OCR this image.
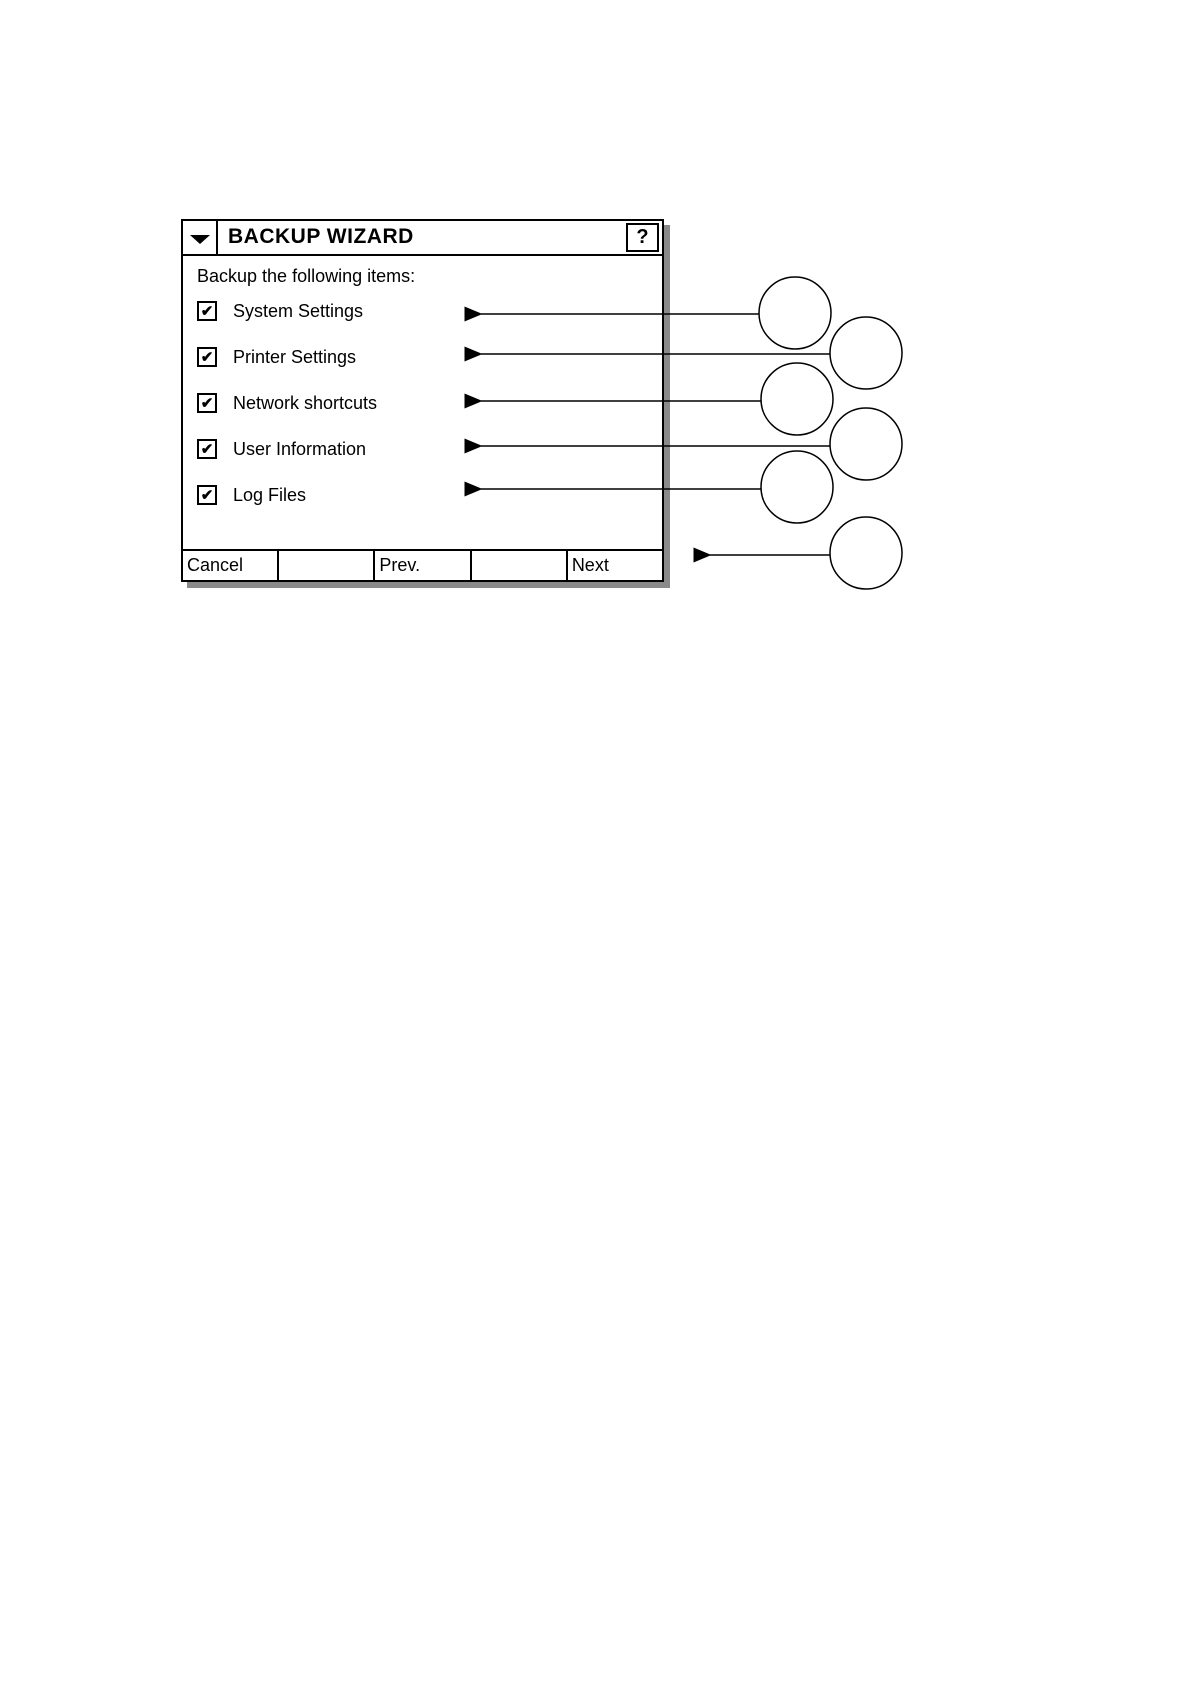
BACKUP WIZARD	?
Backup the following items:
✔ System Settings
✔ Printer Settings
✔ Network shortcuts
✔ User Information
✔ Log Files
Cancel	Prev.	Next
